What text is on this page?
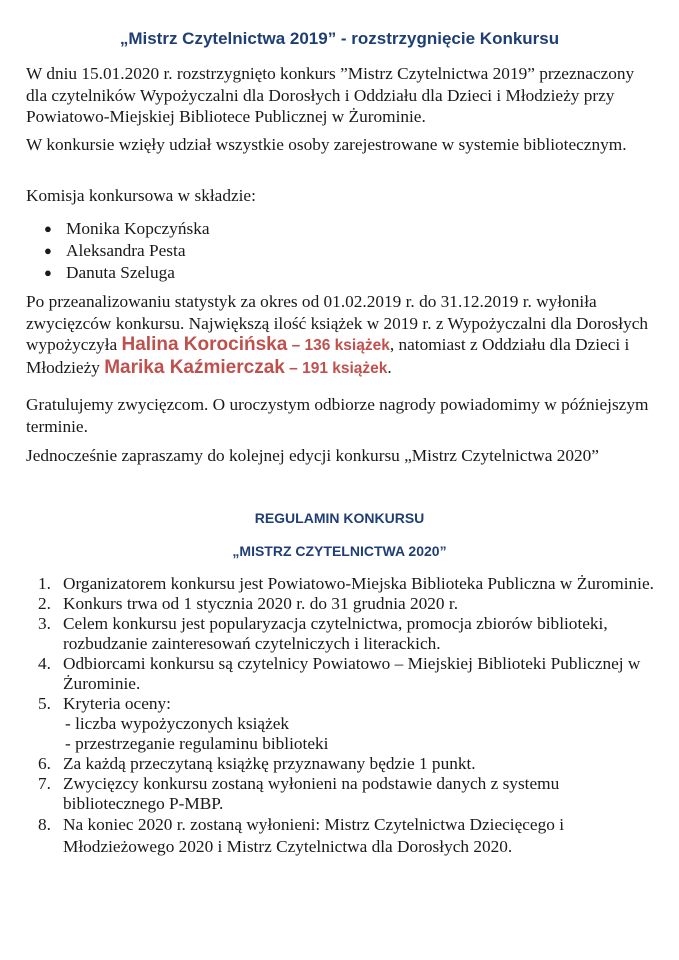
„Mistrz Czytelnictwa 2019” - rozstrzygnięcie Konkursu

W dniu 15.01.2020 r. rozstrzygnięto konkurs ”Mistrz Czytelnictwa 2019” przeznaczony dla czytelników Wypożyczalni dla Dorosłych i Oddziału dla Dzieci i Młodzieży przy Powiatowo-Miejskiej Bibliotece Publicznej w Żurominie.

W konkursie wzięły udział wszystkie osoby zarejestrowane w systemie bibliotecznym.

Komisja konkursowa w składzie:

● Monika Kopczyńska
● Aleksandra Pesta
● Danuta Szeluga

Po przeanalizowaniu statystyk za okres od 01.02.2019 r. do 31.12.2019 r. wyłoniła zwycięzców konkursu. Największą ilość książek w 2019 r. z Wypożyczalni dla Dorosłych wypożyczyła Halina Korocińska – 136 książek, natomiast z Oddziału dla Dzieci i Młodzieży Marika Kaźmierczak – 191 książek.

Gratulujemy zwycięzcom. O uroczystym odbiorze nagrody powiadomimy w późniejszym terminie.

Jednocześnie zapraszamy do kolejnej edycji konkursu „Mistrz Czytelnictwa 2020”

REGULAMIN KONKURSU
„MISTRZ CZYTELNICTWA 2020”
1. Organizatorem konkursu jest Powiatowo-Miejska Biblioteka Publiczna w Żurominie.
2. Konkurs trwa od 1 stycznia 2020 r. do 31 grudnia 2020 r.
3. Celem konkursu jest popularyzacja czytelnictwa, promocja zbiorów biblioteki, rozbudzanie zainteresowań czytelniczych i literackich.
4. Odbiorcami konkursu są czytelnicy Powiatowo – Miejskiej Biblioteki Publicznej w Żurominie.
5. Kryteria oceny:
- liczba wypożyczonych książek
- przestrzeganie regulaminu biblioteki
6. Za każdą przeczytaną książkę przyznawany będzie 1 punkt.
7. Zwycięzcy konkursu zostaną wyłonieni na podstawie danych z systemu bibliotecznego P-MBP.
8. Na koniec 2020 r. zostaną wyłonieni: Mistrz Czytelnictwa Dziecięcego i Młodzieżowego 2020 i Mistrz Czytelnictwa dla Dorosłych 2020.
